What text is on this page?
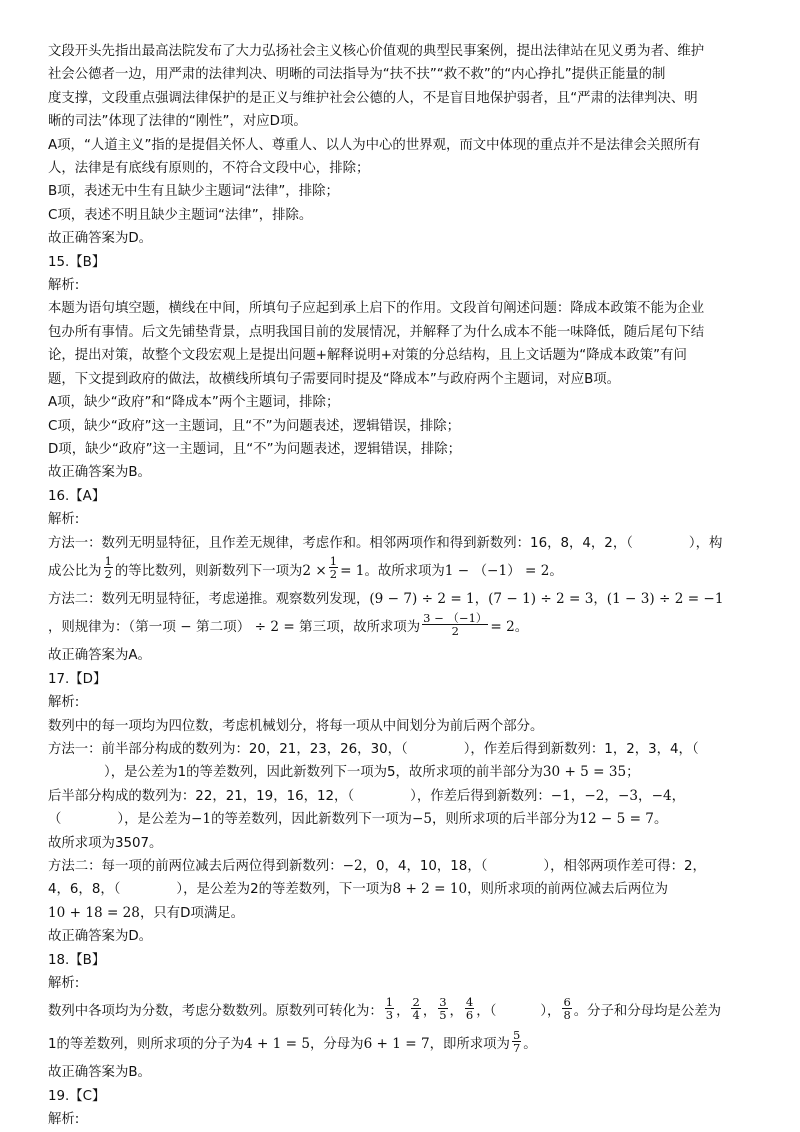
文段开头先指出最高法院发布了大力弘扬社会主义核心价值观的典型民事案例，提出法律站在见义勇为者、维护
社会公德者一边，用严肃的法律判决、明晰的司法指导为“扶不扶”“救不救”的“内心挣扎”提供正能量的制
度支撑，文段重点强调法律保护的是正义与维护社会公德的人，不是盲目地保护弱者，且“严肃的法律判决、明
晰的司法”体现了法律的“刚性”，对应D项。
A项，“人道主义”指的是提倡关怀人、尊重人、以人为中心的世界观，而文中体现的重点并不是法律会关照所有
人，法律是有底线有原则的，不符合文段中心，排除；
B项，表述无中生有且缺少主题词“法律”，排除；
C项，表述不明且缺少主题词“法律”，排除。
故正确答案为D。
15.【B】
解析:
本题为语句填空题，横线在中间，所填句子应起到承上启下的作用。文段首句阐述问题：降成本政策不能为企业
包办所有事情。后文先铺垫背景，点明我国目前的发展情况，并解释了为什么成本不能一味降低，随后尾句下结
论，提出对策，故整个文段宏观上是提出问题+解释说明+对策的分总结构，且上文话题为“降成本政策”有问
题，下文提到政府的做法，故横线所填句子需要同时提及“降成本”与政府两个主题词，对应B项。
A项，缺少“政府”和“降成本”两个主题词，排除；
C项，缺少“政府”这一主题词，且“不”为问题表述，逻辑错误，排除；
D项，缺少“政府”这一主题词，且“不”为问题表述，逻辑错误，排除；
故正确答案为B。
16.【A】
解析:
方法一：数列无明显特征，且作差无规律，考虑作和。相邻两项作和得到新数列：16，8，4，2，（	），构
成公比为 $\frac{1}{2}$ 的等比数列，则新数列下一项为$2 \times \frac{1}{2} = 1$。故所求项为1 − （−1） = 2。
方法二：数列无明显特征，考虑递推。观察数列发现，(9 − 7) ÷ 2 = 1，(7 − 1) ÷ 2 = 3，(1 − 3) ÷ 2 = −1
，则规律为：（第一项 − 第二项） ÷ 2 = 第三项，故所求项为 $\frac{3 - (-1)}{2} = 2$。
故正确答案为A。
17.【D】
解析:
数列中的每一项均为四位数，考虑机械划分，将每一项从中间划分为前后两个部分。
方法一：前半部分构成的数列为：20，21，23，26，30，（	），作差后得到新数列：1，2，3，4，（
），是公差为1的等差数列，因此新数列下一项为5，故所求项的前半部分为30 + 5 = 35；
后半部分构成的数列为：22，21，19，16，12，（	），作差后得到新数列：−1，−2，−3，−4，
（	），是公差为−1的等差数列，因此新数列下一项为−5，则所求项的后半部分为12 − 5 = 7。
故所求项为3507。
方法二：每一项的前两位减去后两位得到新数列：−2，0，4，10，18，（	），相邻两项作差可得：2，
4，6，8，（	），是公差为2的等差数列，下一项为8 + 2 = 10，则所求项的前两位减去后两位为
10 + 18 = 28，只有D项满足。
故正确答案为D。
18.【B】
解析:
数列中各项均为分数，考虑分数数列。原数列可转化为： $\frac{1}{3}$ ， $\frac{2}{4}$ ， $\frac{3}{5}$ ， $\frac{4}{6}$ ，（	）， $\frac{6}{8}$ 。分子和分母均是公差为
1的等差数列，则所求项的分子为4 + 1 = 5，分母为6 + 1 = 7，即所求项为 $\frac{5}{7}$ 。
故正确答案为B。
19.【C】
解析:
